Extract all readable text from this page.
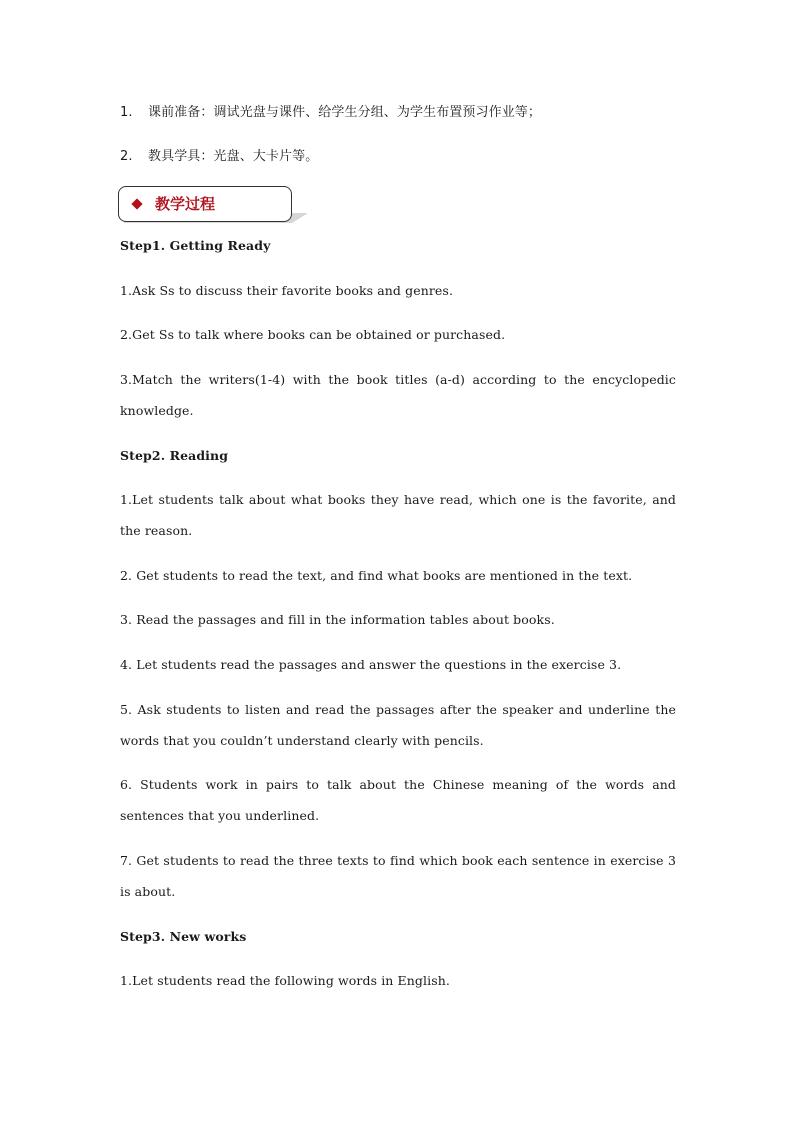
1. 课前准备：调试光盘与课件、给学生分组、为学生布置预习作业等；
2. 教具学具：光盘、大卡片等。
教学过程
Step1. Getting Ready
1.Ask Ss to discuss their favorite books and genres.
2.Get Ss to talk where books can be obtained or purchased.
3.Match the writers(1-4) with the book titles (a-d) according to the encyclopedic knowledge.
Step2. Reading
1.Let students talk about what books they have read, which one is the favorite, and the reason.
2. Get students to read the text, and find what books are mentioned in the text.
3. Read the passages and fill in the information tables about books.
4. Let students read the passages and answer the questions in the exercise 3.
5. Ask students to listen and read the passages after the speaker and underline the words that you couldn’t understand clearly with pencils.
6. Students work in pairs to talk about the Chinese meaning of the words and sentences that you underlined.
7. Get students to read the three texts to find which book each sentence in exercise 3 is about.
Step3. New works
1.Let students read the following words in English.
